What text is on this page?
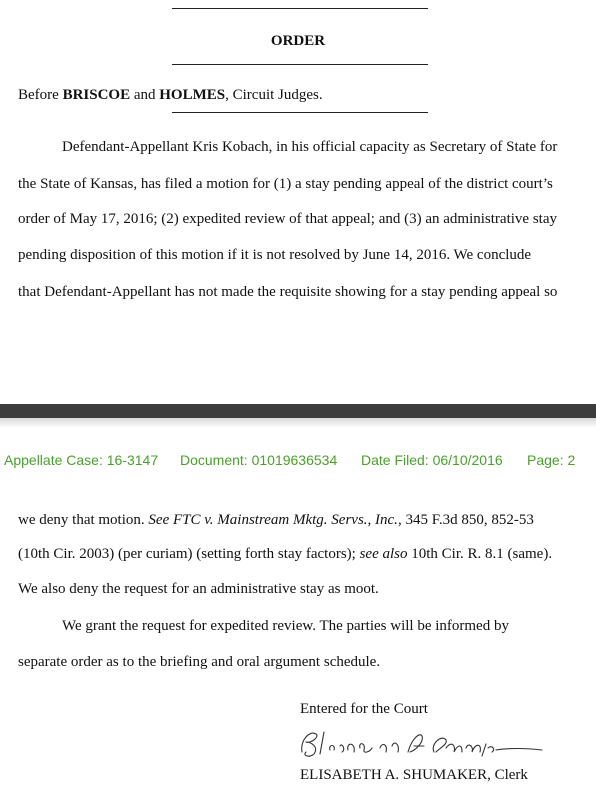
ORDER
Before BRISCOE and HOLMES, Circuit Judges.
Defendant-Appellant Kris Kobach, in his official capacity as Secretary of State for
the State of Kansas, has filed a motion for (1) a stay pending appeal of the district court’s
order of May 17, 2016; (2) expedited review of that appeal; and (3) an administrative stay
pending disposition of this motion if it is not resolved by June 14, 2016. We conclude
that Defendant-Appellant has not made the requisite showing for a stay pending appeal so
Appellate Case: 16-3147 Document: 01019636534 Date Filed: 06/10/2016 Page: 2
we deny that motion. See FTC v. Mainstream Mktg. Servs., Inc., 345 F.3d 850, 852-53
(10th Cir. 2003) (per curiam) (setting forth stay factors); see also 10th Cir. R. 8.1 (same).
We also deny the request for an administrative stay as moot.
We grant the request for expedited review. The parties will be informed by
separate order as to the briefing and oral argument schedule.
Entered for the Court
ELISABETH A. SHUMAKER, Clerk
